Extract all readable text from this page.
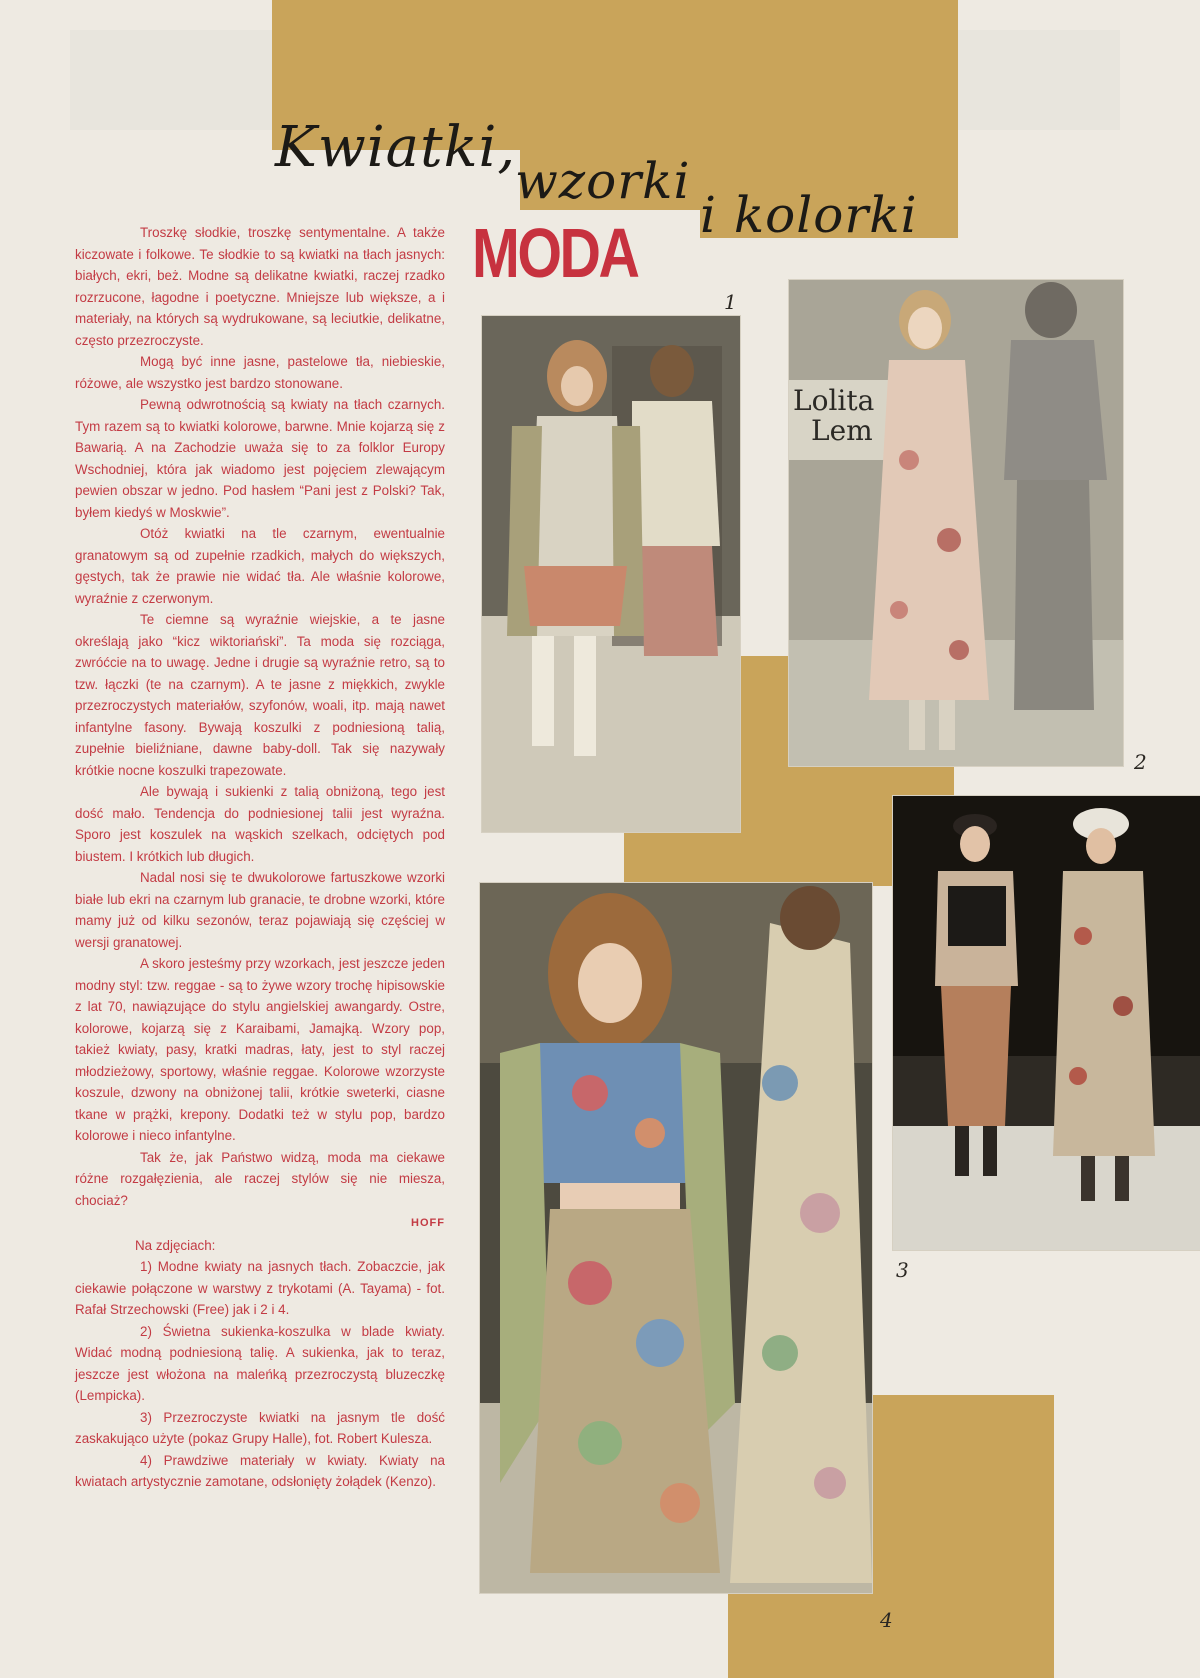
Kwiatki,
wzorki
i kolorki
MODA

Troszkę słodkie, troszkę sentymentalne. A także kiczowate i folkowe. Te słodkie to są kwiatki na tłach jasnych: białych, ekri, beż. Modne są delikatne kwiatki, raczej rzadko rozrzucone, łagodne i poetyczne. Mniejsze lub większe, a i materiały, na których są wydrukowane, są leciutkie, delikatne, często przezroczyste.

Mogą być inne jasne, pastelowe tła, niebieskie, różowe, ale wszystko jest bardzo stonowane.

Pewną odwrotnością są kwiaty na tłach czarnych. Tym razem są to kwiatki kolorowe, barwne. Mnie kojarzą się z Bawarią. A na Zachodzie uważa się to za folklor Europy Wschodniej, która jak wiadomo jest pojęciem zlewającym pewien obszar w jedno. Pod hasłem “Pani jest z Polski? Tak, byłem kiedyś w Moskwie”.

Otóż kwiatki na tle czarnym, ewentualnie granatowym są od zupełnie rzadkich, małych do większych, gęstych, tak że prawie nie widać tła. Ale właśnie kolorowe, wyraźnie z czerwonym.

Te ciemne są wyraźnie wiejskie, a te jasne określają jako “kicz wiktoriański”. Ta moda się rozciąga, zwróćcie na to uwagę. Jedne i drugie są wyraźnie retro, są to tzw. łączki (te na czarnym). A te jasne z miękkich, zwykle przezroczystych materiałów, szyfonów, woali, itp. mają nawet infantylne fasony. Bywają koszulki z podniesioną talią, zupełnie bieliźniane, dawne baby-doll. Tak się nazywały krótkie nocne koszulki trapezowate.

Ale bywają i sukienki z talią obniżoną, tego jest dość mało. Tendencja do podniesionej talii jest wyraźna. Sporo jest koszulek na wąskich szelkach, odciętych pod biustem. I krótkich lub długich.

Nadal nosi się te dwukolorowe fartuszkowe wzorki białe lub ekri na czarnym lub granacie, te drobne wzorki, które mamy już od kilku sezonów, teraz pojawiają się częściej w wersji granatowej.

A skoro jesteśmy przy wzorkach, jest jeszcze jeden modny styl: tzw. reggae - są to żywe wzory trochę hipisowskie z lat 70, nawiązujące do stylu angielskiej awangardy. Ostre, kolorowe, kojarzą się z Karaibami, Jamajką. Wzory pop, takież kwiaty, pasy, kratki madras, łaty, jest to styl raczej młodzieżowy, sportowy, właśnie reggae. Kolorowe wzorzyste koszule, dzwony na obniżonej talii, krótkie sweterki, ciasne tkane w prążki, krepony. Dodatki też w stylu pop, bardzo kolorowe i nieco infantylne.

Tak że, jak Państwo widzą, moda ma ciekawe różne rozgałęzienia, ale raczej stylów się nie miesza, chociaż?

HOFF

Na zdjęciach:

1) Modne kwiaty na jasnych tłach. Zobaczcie, jak ciekawie połączone w warstwy z trykotami (A. Tayama) - fot. Rafał Strzechowski (Free) jak i 2 i 4.

2) Świetna sukienka-koszulka w blade kwiaty. Widać modną podniesioną talię. A sukienka, jak to teraz, jeszcze jest włożona na maleńką przezroczystą bluzeczkę (Lempicka).

3) Przezroczyste kwiatki na jasnym tle dość zaskakująco użyte (pokaz Grupy Halle), fot. Robert Kulesza.

4) Prawdziwe materiały w kwiaty. Kwiaty na kwiatach artystycznie zamotane, odsłonięty żołądek (Kenzo).

1
Lolita
Lem
2
3
4
